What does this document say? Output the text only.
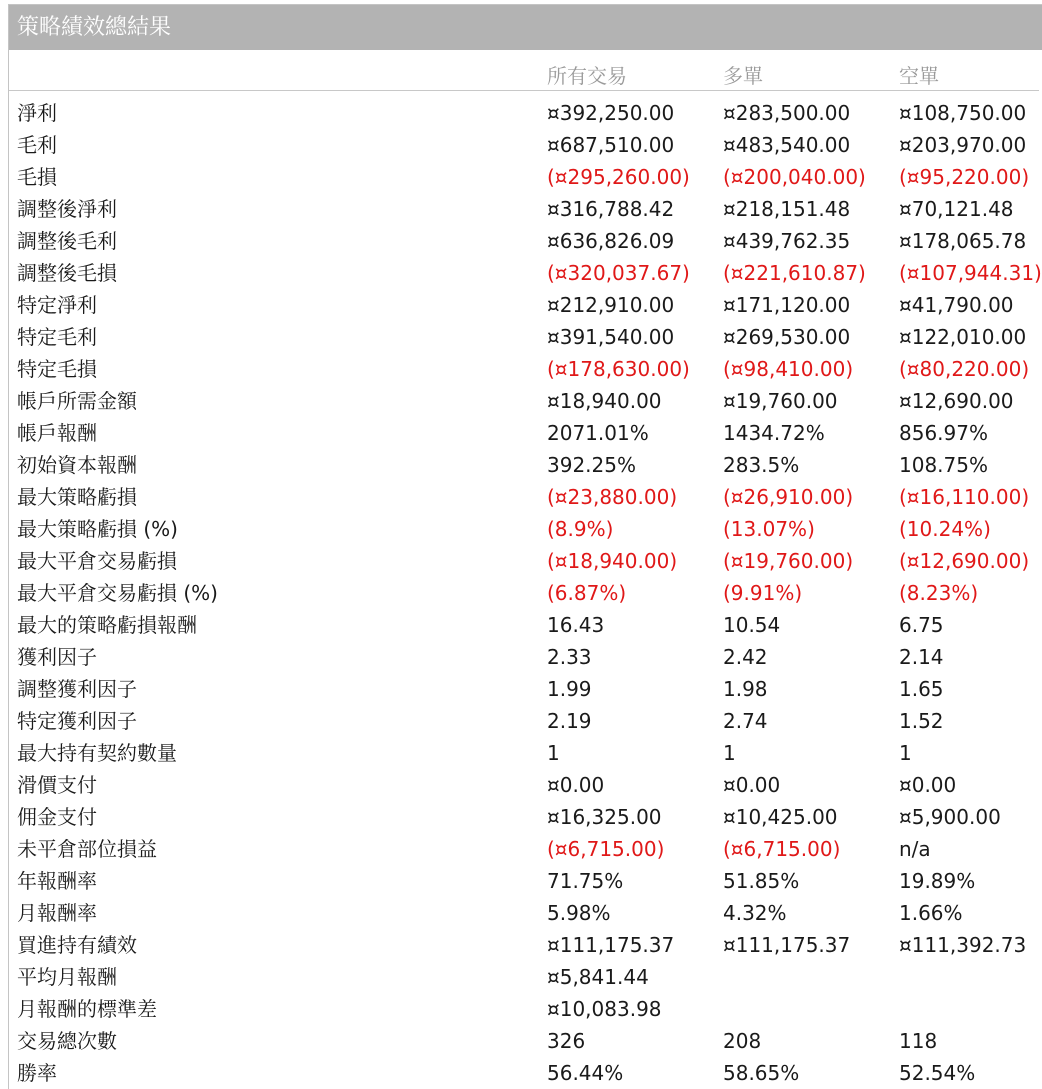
策略績效總結果
所有交易	多單	空單
淨利	¤392,250.00 ¤283,500.00 ¤108,750.00
毛利	¤687,510.00 ¤483,540.00 ¤203,970.00
毛損	(¤295,260.00) (¤200,040.00) (¤95,220.00)
調整後淨利	¤316,788.42 ¤218,151.48 ¤70,121.48
調整後毛利	¤636,826.09 ¤439,762.35 ¤178,065.78
調整後毛損	(¤320,037.67) (¤221,610.87) (¤107,944.31)
特定淨利	¤212,910.00 ¤171,120.00 ¤41,790.00
特定毛利	¤391,540.00 ¤269,530.00 ¤122,010.00
特定毛損	(¤178,630.00) (¤98,410.00) (¤80,220.00)
帳戶所需金額	¤18,940.00	¤19,760.00	¤12,690.00
帳戶報酬	2071.01%	1434.72%	856.97%
初始資本報酬	392.25%	283.5%	108.75%
最大策略虧損	(¤23,880.00) (¤26,910.00) (¤16,110.00)
最大策略虧損 (%)	(8.9%)	(13.07%)	(10.24%)
最大平倉交易虧損	(¤18,940.00) (¤19,760.00) (¤12,690.00)
最大平倉交易虧損 (%)	(6.87%)	(9.91%)	(8.23%)
最大的策略虧損報酬	16.43	10.54	6.75
獲利因子	2.33	2.42	2.14
調整獲利因子	1.99	1.98	1.65
特定獲利因子	2.19	2.74	1.52
最大持有契約數量	1	1	1
滑價支付	¤0.00	¤0.00	¤0.00
佣金支付	¤16,325.00	¤10,425.00	¤5,900.00
未平倉部位損益	(¤6,715.00)	(¤6,715.00)	n/a
年報酬率	71.75%	51.85%	19.89%
月報酬率	5.98%	4.32%	1.66%
買進持有績效	¤111,175.37 ¤111,175.37 ¤111,392.73
平均月報酬	¤5,841.44
月報酬的標準差	¤10,083.98
交易總次數	326	208	118
勝率	56.44%	58.65%	52.54%
